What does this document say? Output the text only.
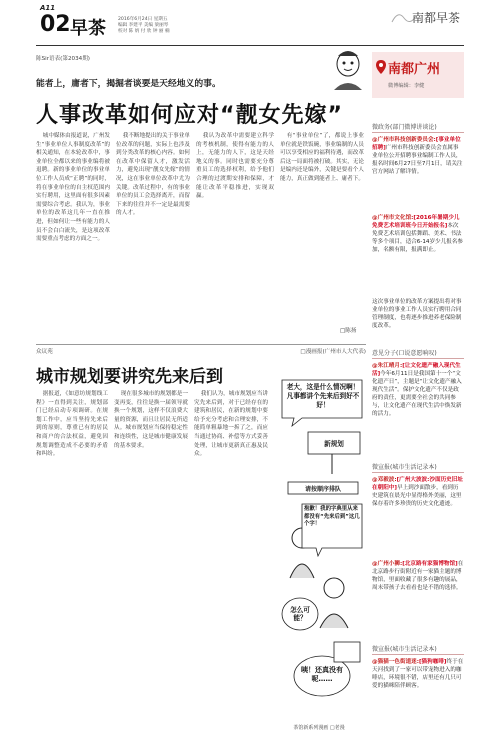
A11
02 早茶	2016年6月24日 星期五
编辑 李建平 美编 梁丽琴
校对 陈 炳 付 欣 钟 丽 楠
南都早茶
陈Sir语表(第2034期)
能者上，庸者下，揭掘者谈要是天经地义的事。
人事改革如何应对“靓女先嫁”

城中媒体由报道说，广州发生“事业单位人事制度改革”的相关通知，在本轮改革中，事业单位全都以来的事业编将被退聘。新的事业单位的事业单位工作人员成“正聘”的同时，将在事业单位的自主权范围内实行聘用，这里面有很多因素需要综合考虑。我认为，事业单位的改革这几年一直在推进，但如何让一些有能力的人员不会白白流失，是这项改革需要重点考虑的方面之一。

我不断地提出的关于事业单位改革的问题，实际上也涉及到分类改革的核心内容。如何在改革中保留人才，激发活力，避免出现“靓女先嫁”的情况，这在事业单位改革中尤为关键。改革过程中，有的事业单位的员工会选择离开，而留下来的往往并不一定是最需要的人才。

我认为改革中需要建立科学的考核机制，使得有能力的人上，无能力的人下，这是天经地义的事。同时也需要充分尊重员工的选择权利，给予他们合理的过渡期安排和保障，才能让改革平稳推进，实现双赢。

有“事业单位”了，都说上事业单位就是铁饭碗，事业编制的人员可以享受相应的福利待遇，而改革后这一局面将被打破。其实，无论是编内还是编外，关键是要看个人能力，真正做到能者上、庸者下。

□陈扬
南都广州
微博编辑：李健
微政务(部门微博讲谈论)
@广州市科技创新委员会:[事业单位招聘]广州市科技创新委员会直属事业单位公开招聘事业编制工作人员，报名时间6月27日至7月1日，请关注官方网站了解详情。
@广州市文化馆:[2016年暑期少儿免费艺术培训班今日开始报名]本次免费艺术培训包括舞蹈、美术、书法等多个项目，适合6-14岁少儿报名参加，名额有限，报满即止。
这次事业单位的改革方案提出将对事业单位的事业工作人员实行聘用合同管理制度，也将逐步推进养老保险制度改革。
意见分子(口说意愿响叹)
@朱江晴月:[让文化遗产融入现代生活]今年6月11日是我国第十一个“文化遗产日”，主题是“让文化遗产融入现代生活”。保护文化遗产不仅是政府的责任，更需要全社会的共同参与，让文化遗产在现代生活中焕发新的活力。
微宣报(城市生活记录本)
@邓毅波:[广州大波波:沙面历史旧址在朝阳中]早上到沙面散步，看到历史建筑在晨光中显得格外美丽，这里保存着许多珍贵的历史文化遗迹。
@广州小狮:[北京路有家猫博物馆]在北京路步行街附近有一家猫主题的博物馆，里面收藏了很多有趣的展品，周末带孩子去看看也是不错的选择。
微宣报(城市生活记录本)
@猫猫一色街道迷:[猫狗咖啡]终于在天河找到了一家可以带宠物进入的咖啡店，环境很不错，店里还有几只可爱的猫咪陪伴顾客。
众议苑	□漫画报(广州市人大代表)
城市规划要讲究先来后到

据报道，《如意坊规划线工程》一直得到关注，规划部门已经启动专项调研。在规划工作中，应当坚持先来后到的原则，尊重已有的居民和商户的合法权益，避免因规划调整造成不必要的矛盾和纠纷。

现在很多城市的规划都是一变再变，往往是换一届领导就换一个规划，这样不仅浪费大量的资源，而且让居民无所适从。城市规划应当保持稳定性和连续性，这是城市健康发展的基本要求。

我们认为，城市规划应当讲究先来后到，对于已经存在的建筑和居民，在新的规划中要给予充分考虑和合理安排，不能简单粗暴地一拆了之，而应当通过协商、补偿等方式妥善处理，让城市更新真正惠及民众。

老大，这是什么情况啊！凡事都讲个先来后到好不好！
新规划
请按顺序排队
抱歉！我的字典里从来都没有“先来后到”这几个字！
怎么可能？
咦！还真没有呢……
茶馆新系列漫画 □老漫
